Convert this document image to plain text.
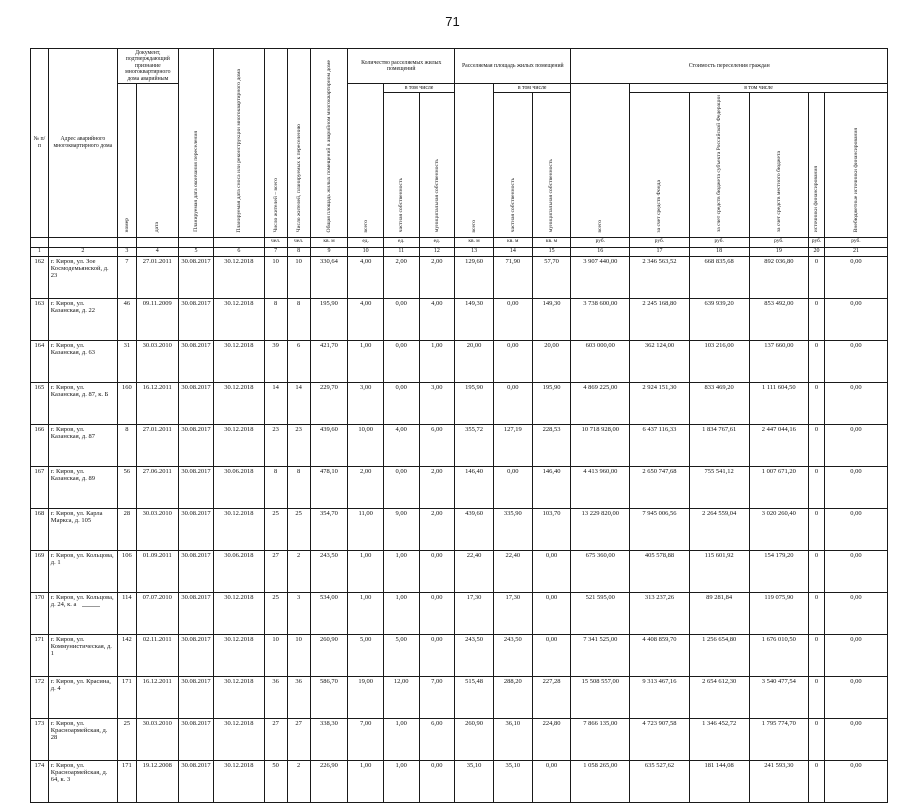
71
№ п/п	Адрес аварийного многоквартирного дома	Документ, подтверждающий признание многоквартирного дома аварийным		Планируемая дата окончания переселения	Планируемая дата сноса или реконструкции многоквартирного дома	Число жителей – всего	Число жителей, планируемых к переселению	Общая площадь жилых помещений в аварийном многоквартирном доме	Количество расселяемых жилых помещений			Расселяемая площадь жилых помещений			Стоимость переселения граждан					
		номер	дата						всего	в том числе		всего	в том числе		всего	в том числе				
										частная собственность	муниципальная собственность		частная собственность	муниципальная собственность		за счет средств Фонда	за счет средств бюджета субъекта Российской Федерации	за счет средств местного бюджета	источники финансирования	Внебюджетные источники финансирования
						чел.	чел.	кв. м	ед.	ед.	ед.	кв. м	кв. м	кв. м	руб.	руб.	руб.	руб.	руб.	руб.
1	2	3	4	5	6	7	8	9	10	11	12	13	14	15	16	17	18	19	20	21
162	г. Киров, ул. Зое Космодемьянской, д. 23	7	27.01.2011	30.08.2017	30.12.2018	10	10	330,64	4,00	2,00	2,00	129,60	71,90	57,70	3 907 440,00	2 346 563,52	668 835,68	892 036,80	0	0,00
163	г. Киров, ул. Казанская, д. 22	46	09.11.2009	30.08.2017	30.12.2018	8	8	195,90	4,00	0,00	4,00	149,30	0,00	149,30	3 738 600,00	2 245 168,80	639 939,20	853 492,00	0	0,00
164	г. Киров, ул. Казанская, д. 63	31	30.03.2010	30.08.2017	30.12.2018	39	6	421,70	1,00	0,00	1,00	20,00	0,00	20,00	603 000,00	362 124,00	103 216,00	137 660,00	0	0,00
165	г. Киров, ул. Казанская, д. 87, к. Б	160	16.12.2011	30.08.2017	30.12.2018	14	14	229,70	3,00	0,00	3,00	195,90	0,00	195,90	4 869 225,00	2 924 151,30	833 469,20	1 111 604,50	0	0,00
166	г. Киров, ул. Казанская, д. 87	8	27.01.2011	30.08.2017	30.12.2018	23	23	439,60	10,00	4,00	6,00	355,72	127,19	228,53	10 718 928,00	6 437 116,33	1 834 767,61	2 447 044,16	0	0,00
167	г. Киров, ул. Казанская, д. 89	56	27.06.2011	30.08.2017	30.06.2018	8	8	478,10	2,00	0,00	2,00	146,40	0,00	146,40	4 413 960,00	2 650 747,68	755 541,12	1 007 671,20	0	0,00
168	г. Киров, ул. Карла Маркса, д. 105	28	30.03.2010	30.08.2017	30.12.2018	25	25	354,70	11,00	9,00	2,00	439,60	335,90	103,70	13 229 820,00	7 945 006,56	2 264 559,04	3 020 260,40	0	0,00
169	г. Киров, ул. Кольцова, д. 1	106	01.09.2011	30.08.2017	30.06.2018	27	2	243,50	1,00	1,00	0,00	22,40	22,40	0,00	675 360,00	405 578,88	115 601,92	154 179,20	0	0,00
170	г. Киров, ул. Кольцова, д. 24, к. а	114	07.07.2010	30.08.2017	30.12.2018	25	3	534,00	1,00	1,00	0,00	17,30	17,30	0,00	521 595,00	313 237,26	89 281,84	119 075,90	0	0,00
171	г. Киров, ул. Коммунистическая, д. 1	142	02.11.2011	30.08.2017	30.12.2018	10	10	260,90	5,00	5,00	0,00	243,50	243,50	0,00	7 341 525,00	4 408 859,70	1 256 654,80	1 676 010,50	0	0,00
172	г. Киров, ул. Красина, д. 4	171	16.12.2011	30.08.2017	30.12.2018	36	36	586,70	19,00	12,00	7,00	515,48	288,20	227,28	15 508 557,00	9 313 467,16	2 654 612,30	3 540 477,54	0	0,00
173	г. Киров, ул. Красноармейская, д. 28	25	30.03.2010	30.08.2017	30.12.2018	27	27	338,30	7,00	1,00	6,00	260,90	36,10	224,80	7 866 135,00	4 723 907,58	1 346 452,72	1 795 774,70	0	0,00
174	г. Киров, ул. Красноармейская, д. 64, к. 3	171	19.12.2008	30.08.2017	30.12.2018	50	2	226,90	1,00	1,00	0,00	35,10	35,10	0,00	1 058 265,00	635 527,62	181 144,08	241 593,30	0	0,00
